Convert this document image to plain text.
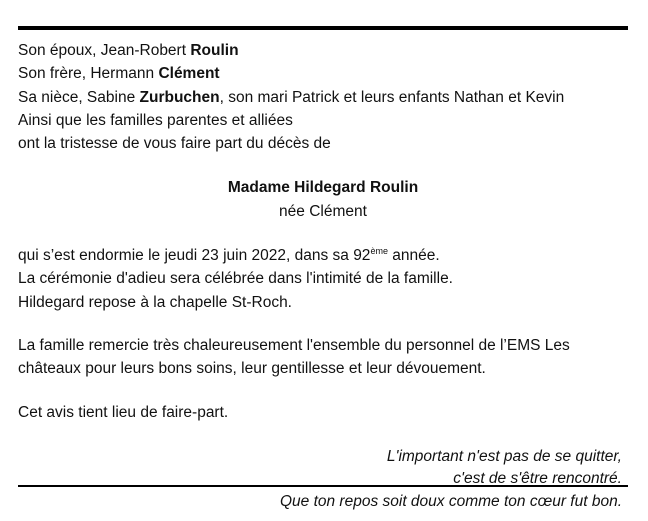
Son époux, Jean-Robert Roulin
Son frère, Hermann Clément
Sa nièce, Sabine Zurbuchen, son mari Patrick et leurs enfants Nathan et Kevin
Ainsi que les familles parentes et alliées
ont la tristesse de vous faire part du décès de
Madame Hildegard Roulin
née Clément
qui s’est endormie le jeudi 23 juin 2022, dans sa 92ème année.
La cérémonie d'adieu sera célébrée dans l'intimité de la famille.
Hildegard repose à la chapelle St-Roch.
La famille remercie très chaleureusement l'ensemble du personnel de l’EMS Les
châteaux pour leurs bons soins, leur gentillesse et leur dévouement.
Cet avis tient lieu de faire-part.
L'important n'est pas de se quitter,
c'est de s'être rencontré.
Que ton repos soit doux comme ton cœur fut bon.
